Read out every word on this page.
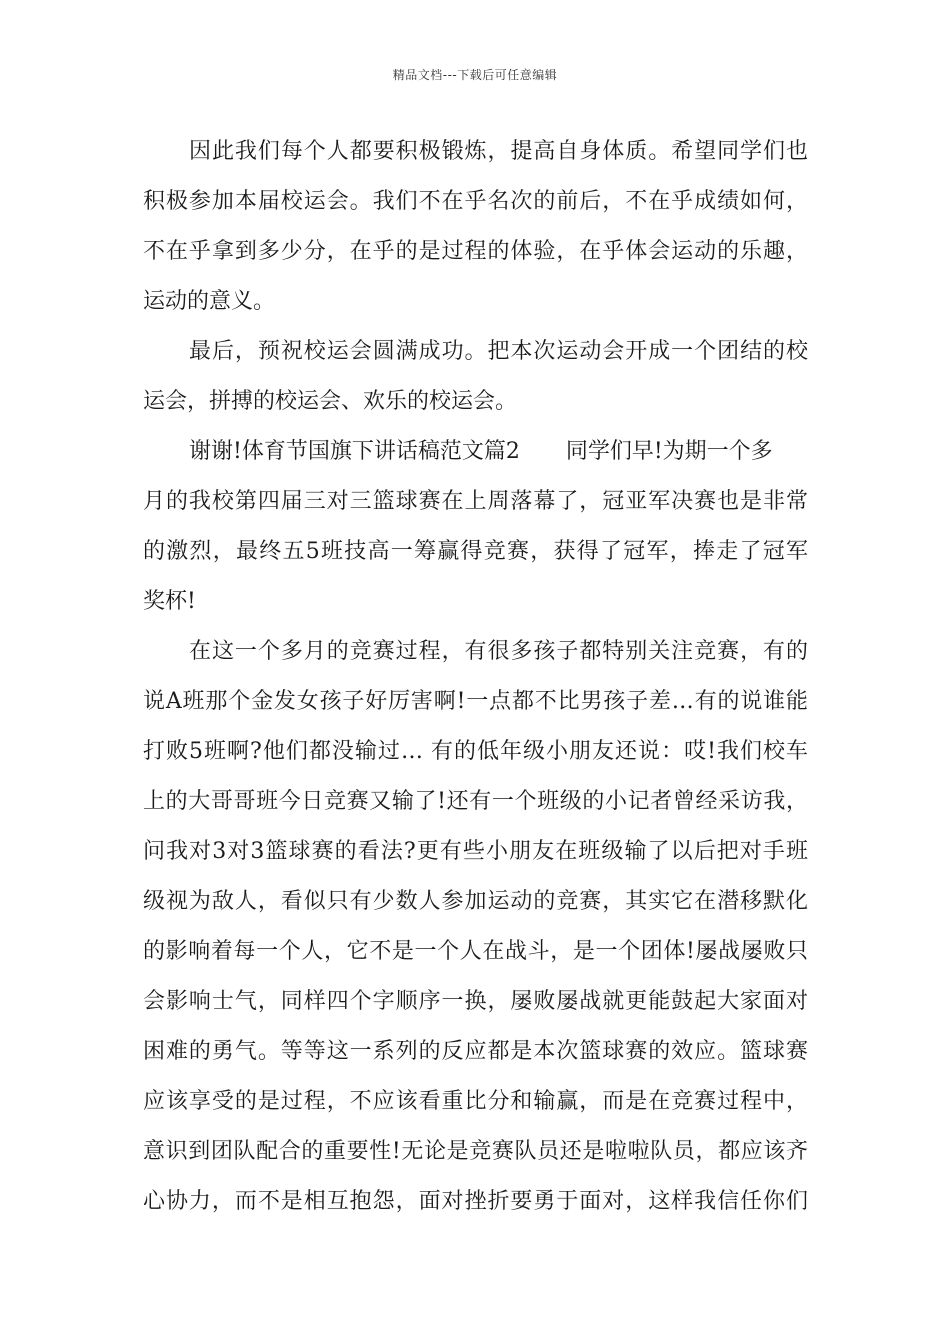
精品文档---下载后可任意编辑
因此我们每个人都要积极锻炼，提高自身体质。希望同学们也
积极参加本届校运会。我们不在乎名次的前后，不在乎成绩如何，
不在乎拿到多少分，在乎的是过程的体验，在乎体会运动的乐趣，
运动的意义。
最后，预祝校运会圆满成功。把本次运动会开成一个团结的校
运会，拼搏的校运会、欢乐的校运会。
谢谢!体育节国旗下讲话稿范文篇2 同学们早!为期一个多
月的我校第四届三对三篮球赛在上周落幕了，冠亚军决赛也是非常
的激烈，最终五5班技高一筹赢得竞赛，获得了冠军，捧走了冠军
奖杯!
在这一个多月的竞赛过程，有很多孩子都特别关注竞赛，有的
说A班那个金发女孩子好厉害啊!一点都不比男孩子差…有的说谁能
打败5班啊?他们都没输过… 有的低年级小朋友还说：哎!我们校车
上的大哥哥班今日竞赛又输了!还有一个班级的小记者曾经采访我，
问我对3对3篮球赛的看法?更有些小朋友在班级输了以后把对手班
级视为敌人，看似只有少数人参加运动的竞赛，其实它在潜移默化
的影响着每一个人，它不是一个人在战斗，是一个团体!屡战屡败只
会影响士气，同样四个字顺序一换，屡败屡战就更能鼓起大家面对
困难的勇气。等等这一系列的反应都是本次篮球赛的效应。篮球赛
应该享受的是过程，不应该看重比分和输赢，而是在竞赛过程中，
意识到团队配合的重要性!无论是竞赛队员还是啦啦队员，都应该齐
心协力，而不是相互抱怨，面对挫折要勇于面对，这样我信任你们
